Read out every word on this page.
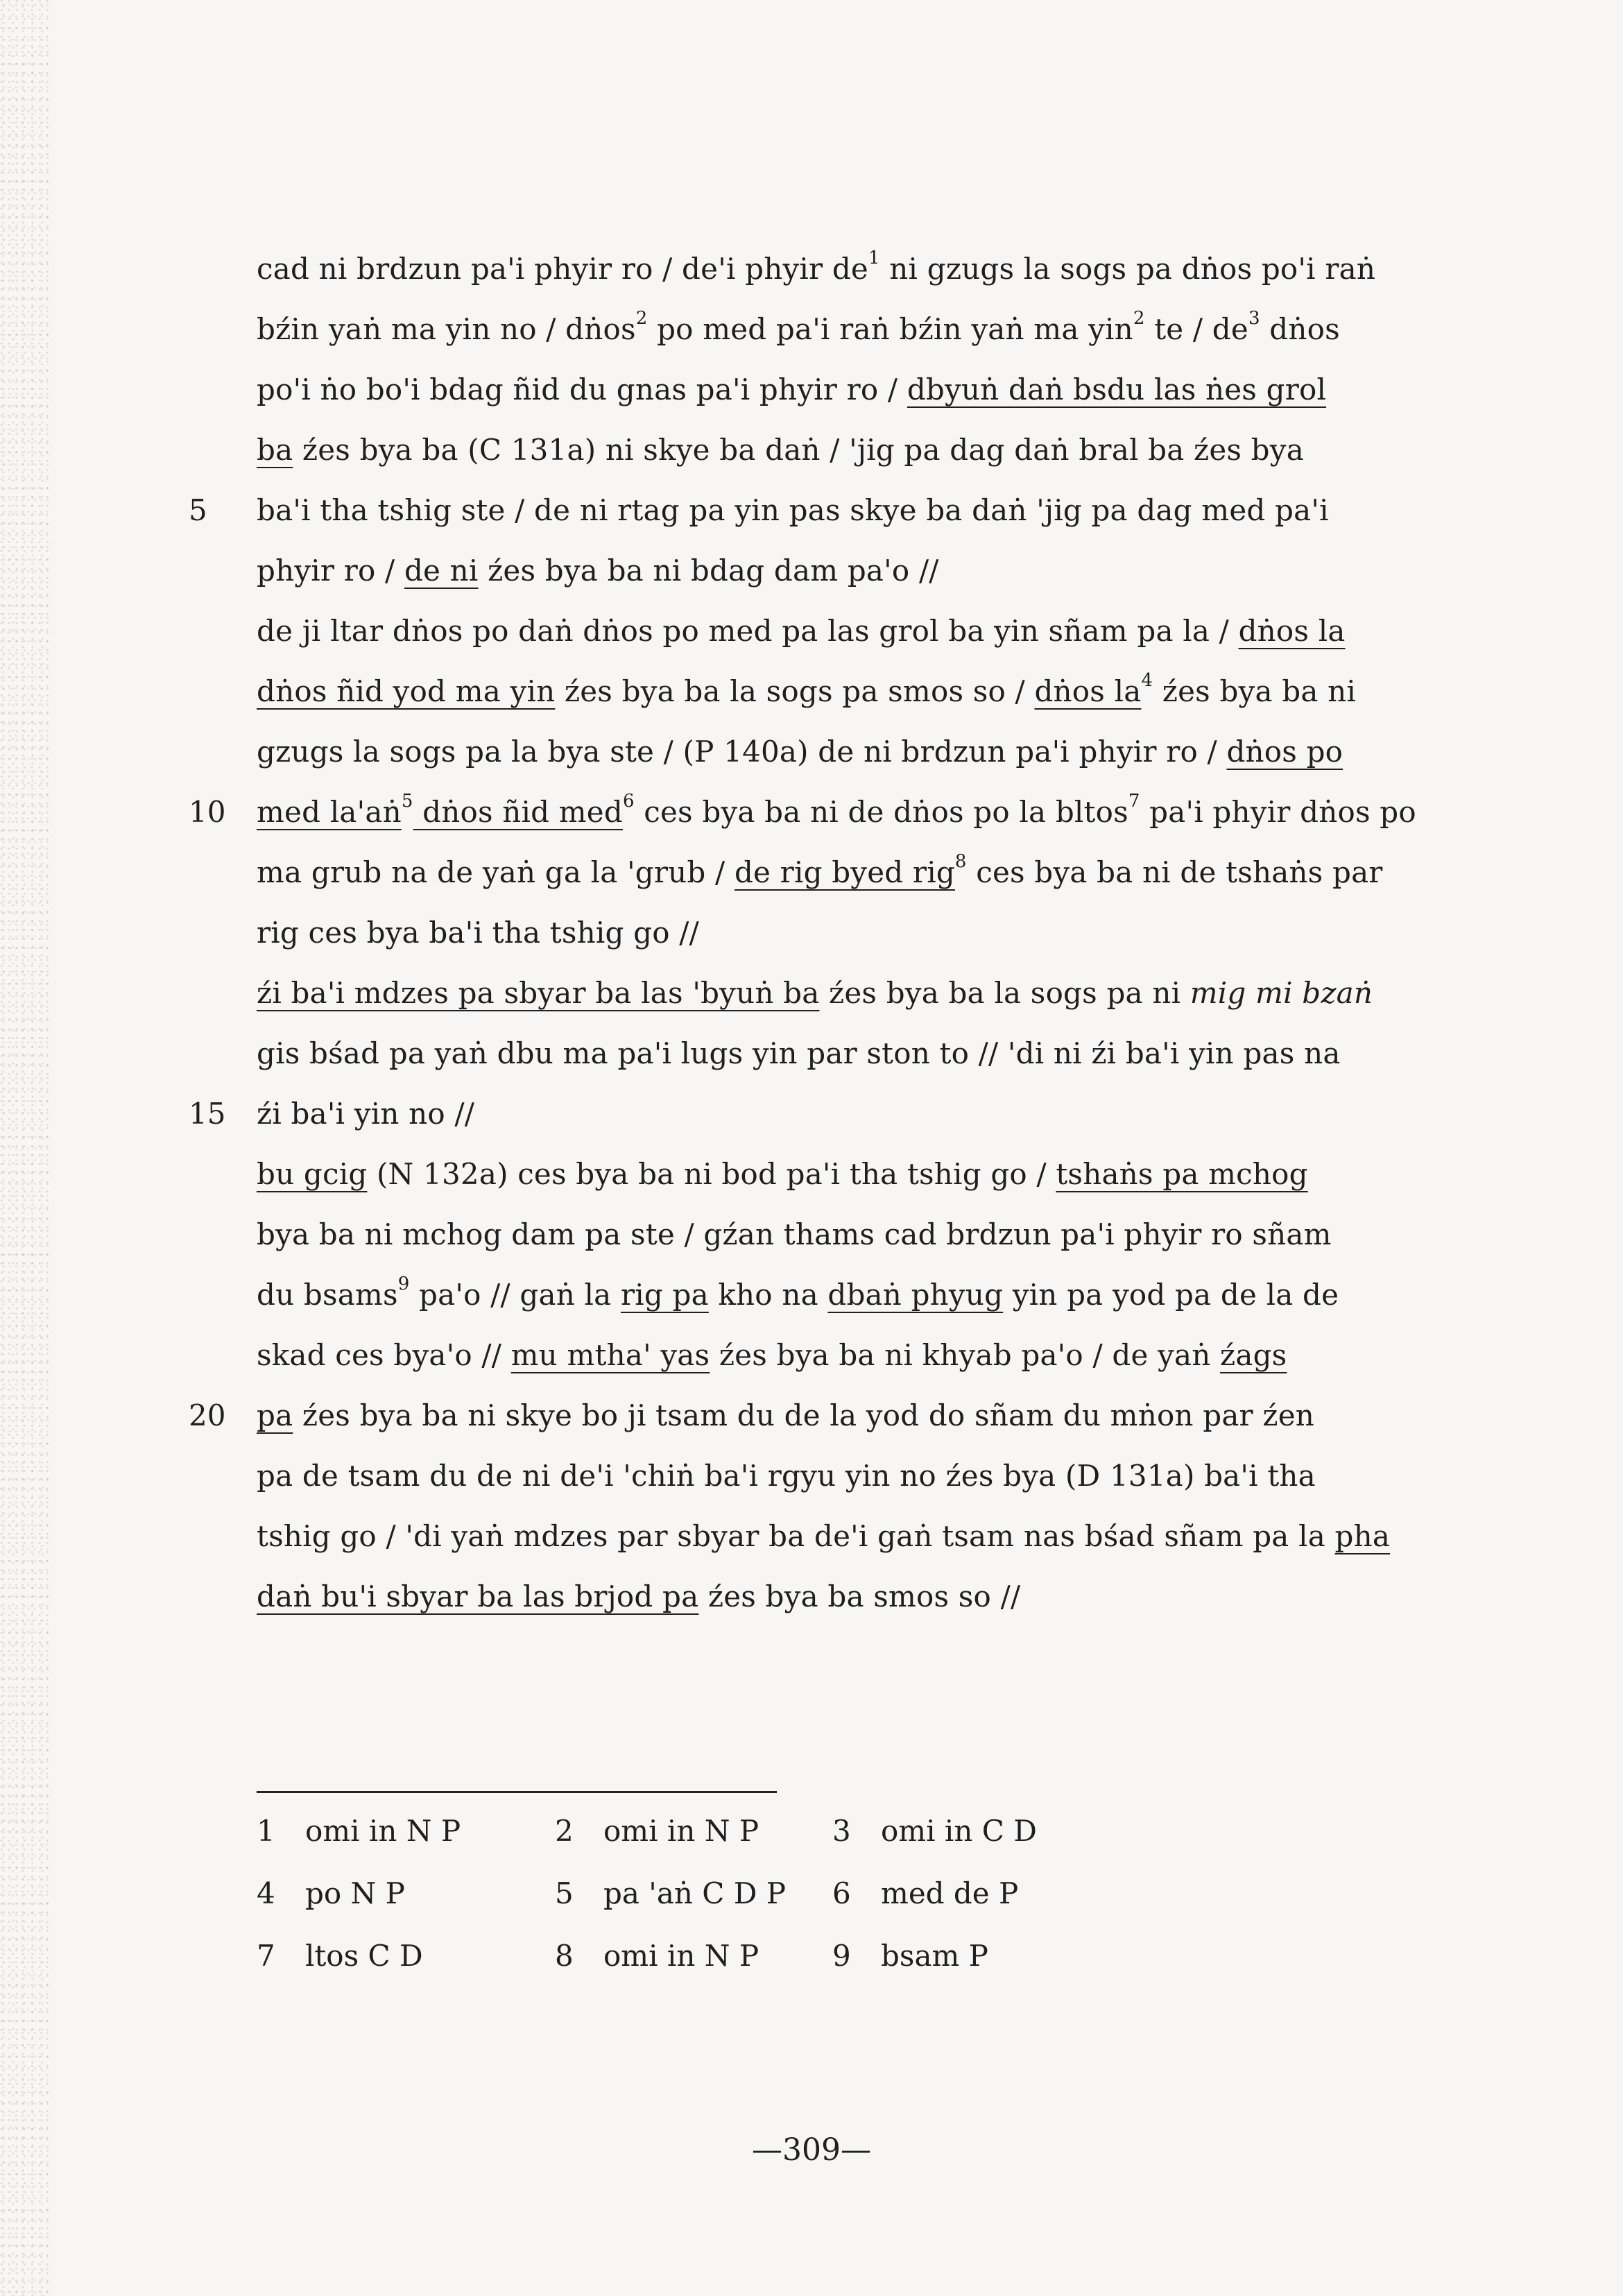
cad ni brdzun pa'i phyir ro / de'i phyir $de^1$ ni gzugs la sogs pa dṅos po'i raṅ
bźin yaṅ ma yin no / dṅos$^2$ po med pa'i raṅ bźin yaṅ ma yin$^2$ te / $de^3$ dṅos
po'i ṅo bo'i bdag ñid du gnas pa'i phyir ro / dbyuṅ daṅ bsdu las ṅes grol
ba źes bya ba (C 131a) ni skye ba daṅ / 'jig pa dag daṅ bral ba źes bya
5	ba'i tha tshig ste / de ni rtag pa yin pas skye ba daṅ 'jig pa dag med pa'i
phyir ro / de ni źes bya ba ni bdag dam pa'o //
de ji ltar dṅos po daṅ dṅos po med pa las grol ba yin sñam pa la / dṅos la
dṅos ñid yod ma yin źes bya ba la sogs pa smos so / dṅos $la^4$ źes bya ba ni
gzugs la sogs pa la bya ste / (P 140a) de ni brdzun pa'i phyir ro / dṅos po
10 med la'aṅ$^5$ dṅos ñid med$^6$ ces bya ba ni de dṅos po la bltos$^7$ pa'i phyir dṅos po
ma grub na de yaṅ ga la 'grub / de rig byed rig$^8$ ces bya ba ni de tshaṅs par
rig ces bya ba'i tha tshig go //
źi ba'i mdzes pa sbyar ba las 'byuṅ ba źes bya ba la sogs pa ni mig mi bzaṅ
gis bśad pa yaṅ dbu ma pa'i lugs yin par ston to // 'di ni źi ba'i yin pas na
15 źi ba'i yin no //
bu gcig (N 132a) ces bya ba ni bod pa'i tha tshig go / tshaṅs pa mchog
bya ba ni mchog dam pa ste / gźan thams cad brdzun pa'i phyir ro sñam
du bsams$^9$ pa'o // gaṅ la rig pa kho na dbaṅ phyug yin pa yod pa de la de
skad ces bya'o // mu mtha' yas źes bya ba ni khyab pa'o / de yaṅ źags
20 pa źes bya ba ni skye bo ji tsam du de la yod do sñam du mṅon par źen
pa de tsam du de ni de'i 'chiṅ ba'i rgyu yin no źes bya (D 131a) ba'i tha
tshig go / 'di yaṅ mdzes par sbyar ba de'i gaṅ tsam nas bśad sñam pa la pha
daṅ bu'i sbyar ba las brjod pa źes bya ba smos so //
1 omi in N P	2 omi in N P	3 omi in C D
4 po N P	5 pa 'aṅ C D P 6 med de P
7 ltos C D	8 omi in N P	9 bsam P
—309—
